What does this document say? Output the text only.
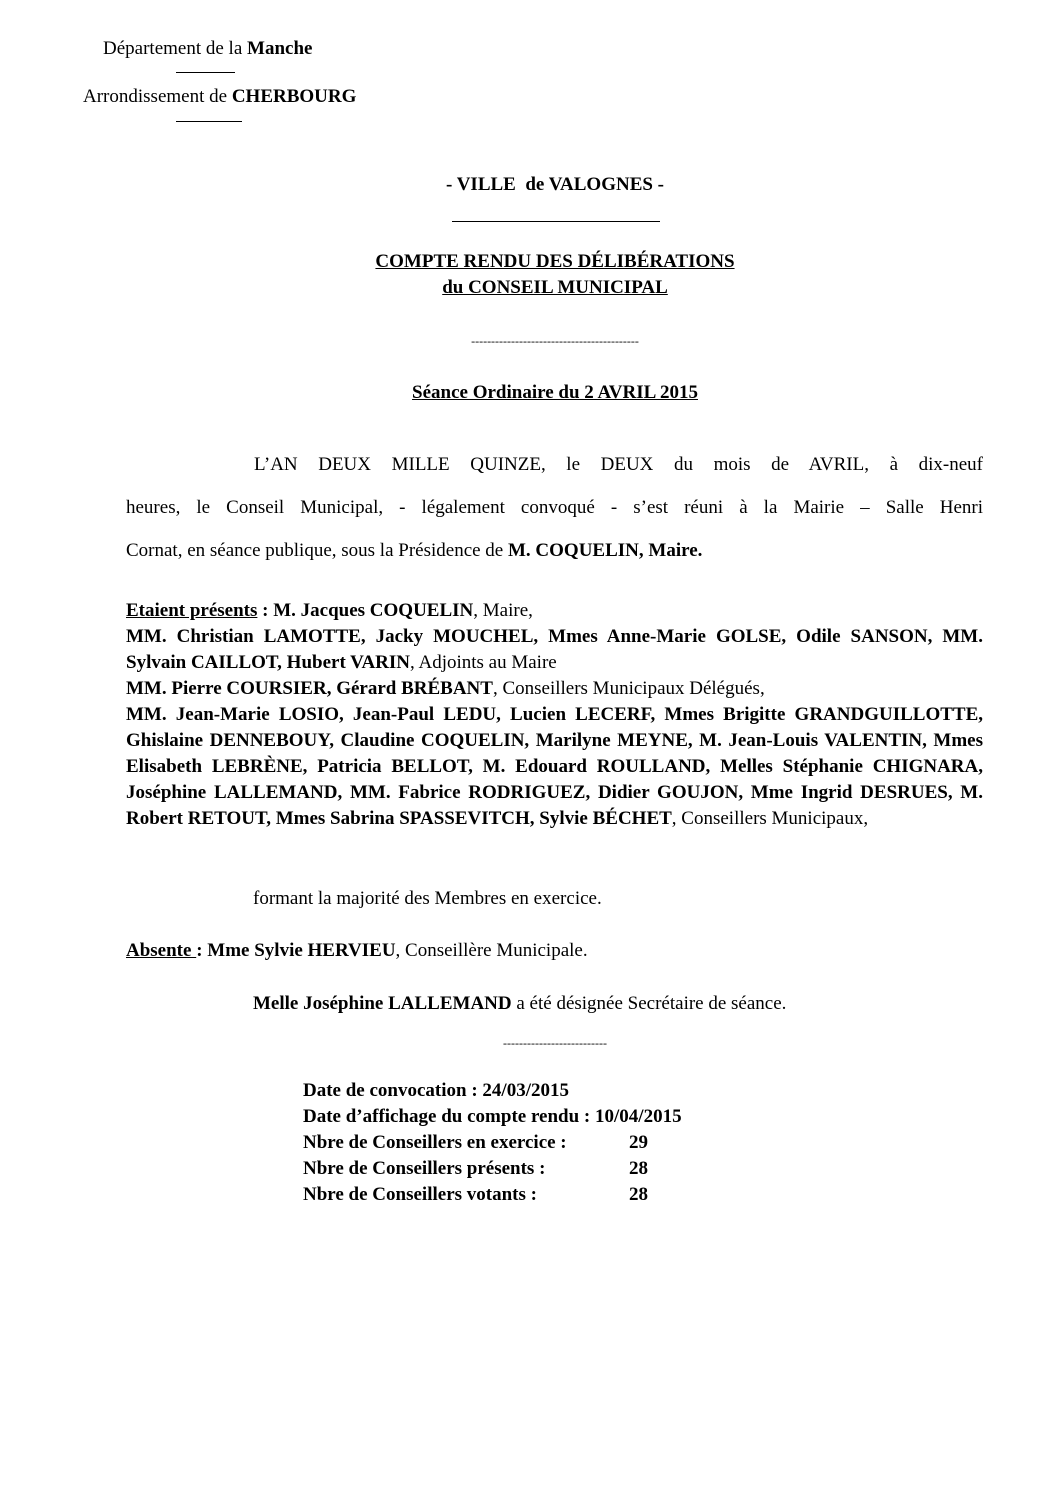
Département de la Manche
Arrondissement de CHERBOURG
- VILLE  de VALOGNES -
COMPTE RENDU DES DÉLIBÉRATIONS
du CONSEIL MUNICIPAL
------------------------------------------
Séance Ordinaire du 2 AVRIL 2015
L’AN DEUX MILLE QUINZE, le DEUX du mois de AVRIL, à dix-neuf
heures, le Conseil Municipal, - légalement convoqué - s’est réuni à la Mairie – Salle Henri
Cornat, en séance publique, sous la Présidence de M. COQUELIN, Maire.
Etaient présents : M. Jacques COQUELIN, Maire,
MM. Christian LAMOTTE, Jacky MOUCHEL, Mmes Anne-Marie GOLSE, Odile SANSON, MM. Sylvain CAILLOT, Hubert VARIN, Adjoints au Maire
MM. Pierre COURSIER, Gérard BRÉBANT, Conseillers Municipaux Délégués,
MM. Jean-Marie LOSIO, Jean-Paul LEDU, Lucien LECERF, Mmes Brigitte GRANDGUILLOTTE, Ghislaine DENNEBOUY, Claudine COQUELIN, Marilyne MEYNE, M. Jean-Louis VALENTIN, Mmes Elisabeth LEBRÈNE, Patricia BELLOT, M. Edouard ROULLAND, Melles Stéphanie CHIGNARA, Joséphine LALLEMAND, MM. Fabrice RODRIGUEZ, Didier GOUJON, Mme Ingrid DESRUES, M. Robert RETOUT, Mmes Sabrina SPASSEVITCH, Sylvie BÉCHET, Conseillers Municipaux,
formant la majorité des Membres en exercice.
Absente : Mme Sylvie HERVIEU, Conseillère Municipale.
Melle Joséphine LALLEMAND a été désignée Secrétaire de séance.
--------------------------
Date de convocation : 24/03/2015
Date d’affichage du compte rendu : 10/04/2015
Nbre de Conseillers en exercice :	29
Nbre de Conseillers présents :	28
Nbre de Conseillers votants :	28
